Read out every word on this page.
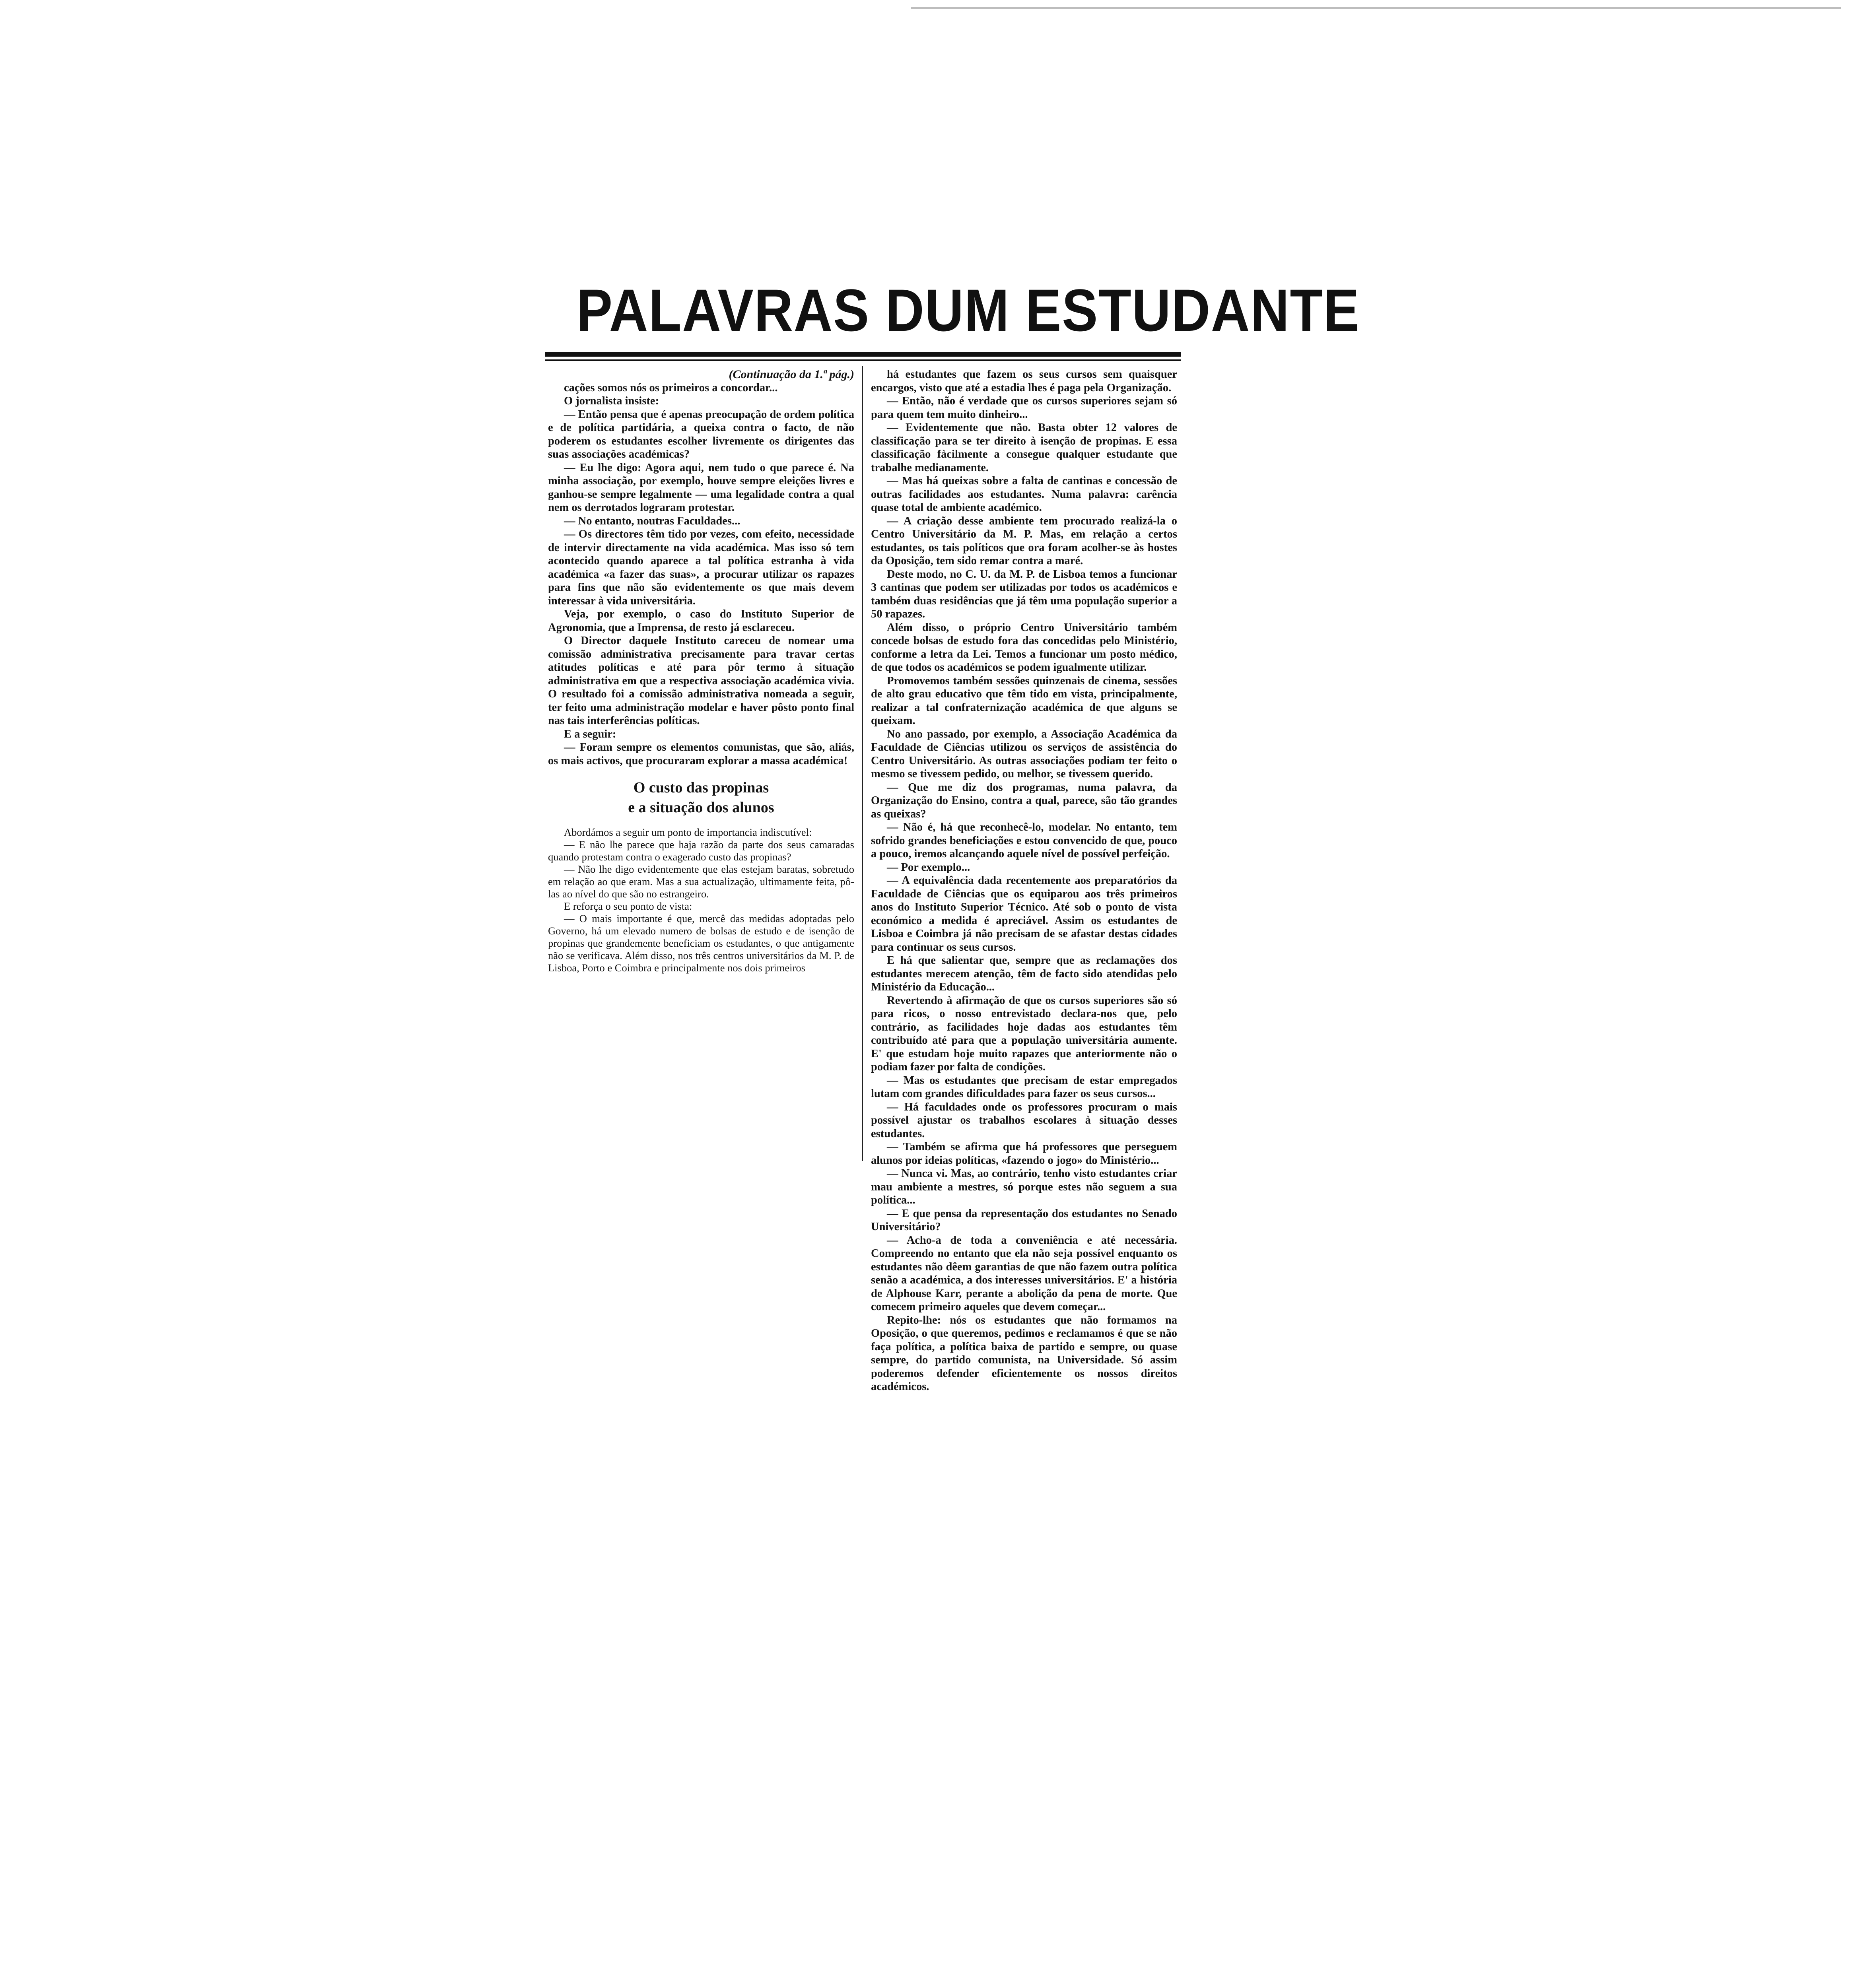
PALAVRAS DUM ESTUDANTE

(Continuação da 1.ª pág.)

cações somos nós os primeiros a concordar...

O jornalista insiste:

— Então pensa que é apenas preocupação de ordem política e de política partidária, a queixa contra o facto, de não poderem os estudantes escolher livremente os dirigentes das suas associações académicas?

— Eu lhe digo: Agora aqui, nem tudo o que parece é. Na minha associação, por exemplo, houve sempre eleições livres e ganhou-se sempre legalmente — uma legalidade contra a qual nem os derrotados lograram protestar.

— No entanto, noutras Faculdades...

— Os directores têm tido por vezes, com efeito, necessidade de intervir directamente na vida académica. Mas isso só tem acontecido quando aparece a tal política estranha à vida académica «a fazer das suas», a procurar utilizar os rapazes para fins que não são evidentemente os que mais devem interessar à vida universitária.

Veja, por exemplo, o caso do Instituto Superior de Agronomia, que a Imprensa, de resto já esclareceu.

O Director daquele Instituto careceu de nomear uma comissão administrativa precisamente para travar certas atitudes políticas e até para pôr termo à situação administrativa em que a respectiva associação académica vivia. O resultado foi a comissão administrativa nomeada a seguir, ter feito uma administração modelar e haver pôsto ponto final nas tais interferências políticas.

E a seguir:

— Foram sempre os elementos comunistas, que são, aliás, os mais activos, que procuraram explorar a massa académica!

O custo das propinas
e a situação dos alunos

Abordámos a seguir um ponto de importancia indiscutível:

— E não lhe parece que haja razão da parte dos seus camaradas quando protestam contra o exagerado custo das propinas?

— Não lhe digo evidentemente que elas estejam baratas, sobretudo em relação ao que eram. Mas a sua actualização, ultimamente feita, pô-las ao nível do que são no estrangeiro.

E reforça o seu ponto de vista:

— O mais importante é que, mercê das medidas adoptadas pelo Governo, há um elevado numero de bolsas de estudo e de isenção de propinas que grandemente beneficiam os estudantes, o que antigamente não se verificava. Além disso, nos três centros universitários da M. P. de Lisboa, Porto e Coimbra e principalmente nos dois primeiros

há estudantes que fazem os seus cursos sem quaisquer encargos, visto que até a estadia lhes é paga pela Organização.

— Então, não é verdade que os cursos superiores sejam só para quem tem muito dinheiro...

— Evidentemente que não. Basta obter 12 valores de classificação para se ter direito à isenção de propinas. E essa classificação fàcilmente a consegue qualquer estudante que trabalhe medianamente.

— Mas há queixas sobre a falta de cantinas e concessão de outras facilidades aos estudantes. Numa palavra: carência quase total de ambiente académico.

— A criação desse ambiente tem procurado realizá-la o Centro Universitário da M. P. Mas, em relação a certos estudantes, os tais políticos que ora foram acolher-se às hostes da Oposição, tem sido remar contra a maré.

Deste modo, no C. U. da M. P. de Lisboa temos a funcionar 3 cantinas que podem ser utilizadas por todos os académicos e também duas residências que já têm uma população superior a 50 rapazes.

Além disso, o próprio Centro Universitário também concede bolsas de estudo fora das concedidas pelo Ministério, conforme a letra da Lei. Temos a funcionar um posto médico, de que todos os académicos se podem igualmente utilizar.

Promovemos também sessões quinzenais de cinema, sessões de alto grau educativo que têm tido em vista, principalmente, realizar a tal confraternização académica de que alguns se queixam.

No ano passado, por exemplo, a Associação Académica da Faculdade de Ciências utilizou os serviços de assistência do Centro Universitário. As outras associações podiam ter feito o mesmo se tivessem pedido, ou melhor, se tivessem querido.

— Que me diz dos programas, numa palavra, da Organização do Ensino, contra a qual, parece, são tão grandes as queixas?

— Não é, há que reconhecê-lo, modelar. No entanto, tem sofrido grandes beneficiações e estou convencido de que, pouco a pouco, iremos alcançando aquele nível de possível perfeição.

— Por exemplo...

— A equivalência dada recentemente aos preparatórios da Faculdade de Ciências que os equiparou aos três primeiros anos do Instituto Superior Técnico. Até sob o ponto de vista económico a medida é apreciável. Assim os estudantes de Lisboa e Coimbra já não precisam de se afastar destas cidades para continuar os seus cursos.

E há que salientar que, sempre que as reclamações dos estudantes merecem atenção, têm de facto sido atendidas pelo Ministério da Educação...

Revertendo à afirmação de que os cursos superiores são só para ricos, o nosso entrevistado declara-nos que, pelo contrário, as facilidades hoje dadas aos estudantes têm contribuído até para que a população universitária aumente. E' que estudam hoje muito rapazes que anteriormente não o podiam fazer por falta de condições.

— Mas os estudantes que precisam de estar empregados lutam com grandes dificuldades para fazer os seus cursos...

— Há faculdades onde os professores procuram o mais possível ajustar os trabalhos escolares à situação desses estudantes.

— Também se afirma que há professores que perseguem alunos por ideias políticas, «fazendo o jogo» do Ministério...

— Nunca vi. Mas, ao contrário, tenho visto estudantes criar mau ambiente a mestres, só porque estes não seguem a sua política...

— E que pensa da representação dos estudantes no Senado Universitário?

— Acho-a de toda a conveniência e até necessária. Compreendo no entanto que ela não seja possível enquanto os estudantes não dêem garantias de que não fazem outra política senão a académica, a dos interesses universitários. E' a história de Alphouse Karr, perante a abolição da pena de morte. Que comecem primeiro aqueles que devem começar...

Repito-lhe: nós os estudantes que não formamos na Oposição, o que queremos, pedimos e reclamamos é que se não faça política, a política baixa de partido e sempre, ou quase sempre, do partido comunista, na Universidade. Só assim poderemos defender eficientemente os nossos direitos académicos.
